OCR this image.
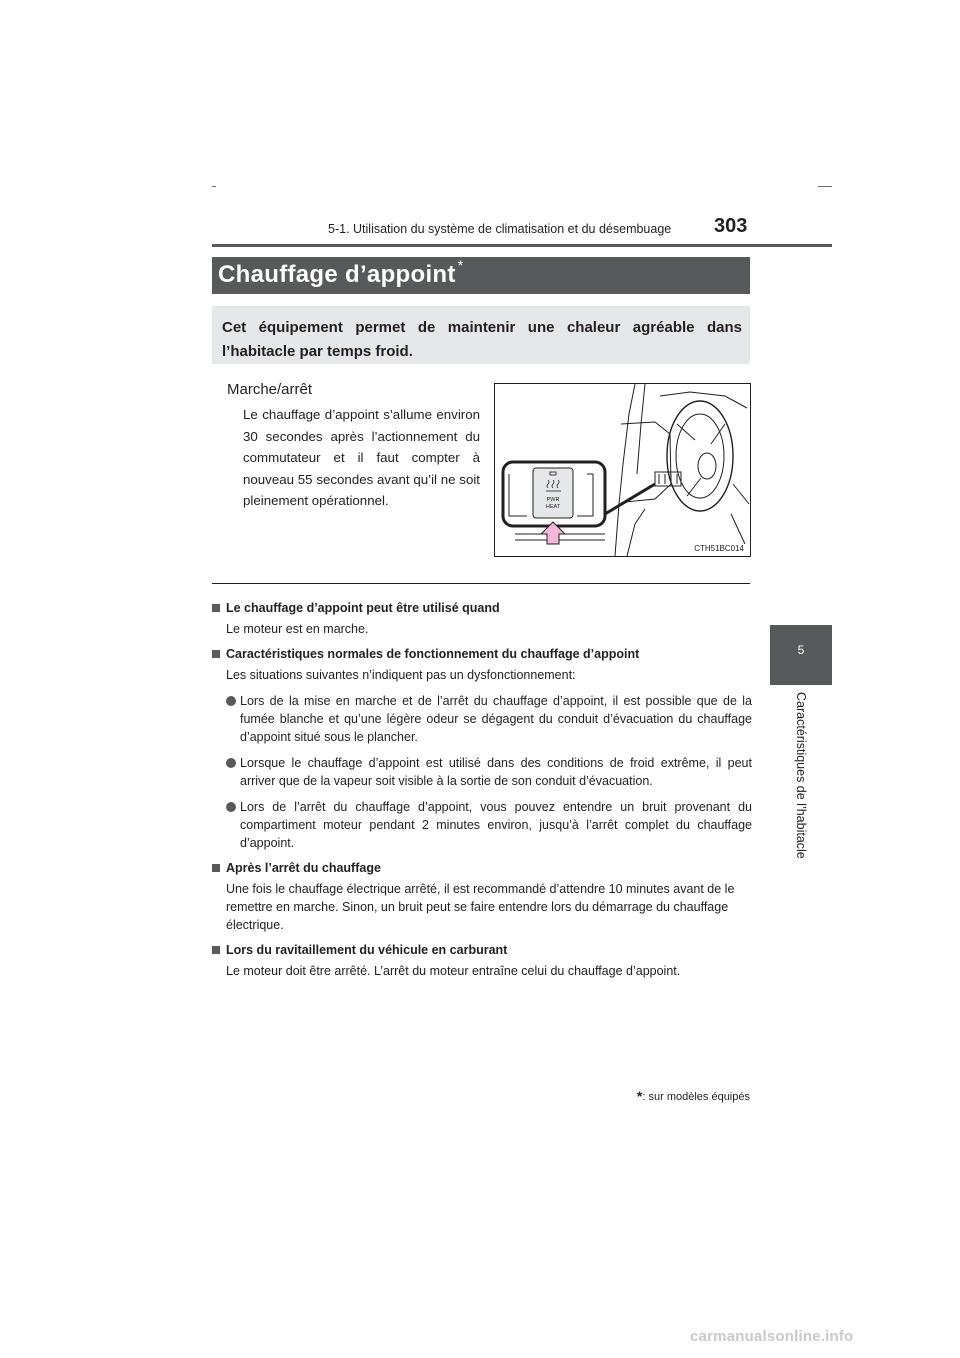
5-1. Utilisation du système de climatisation et du désembuage 303
5
Caractéristiques de l’habitacle
Chauffage d’appoint *

Cet équipement permet de maintenir une chaleur agréable dans l’habitacle par temps froid.

Marche/arrêt
Le chauffage d’appoint s’allume environ 30 secondes après l’actionnement du commutateur et il faut compter à nouveau 55 secondes avant qu’il ne soit pleinement opérationnel.	PWR
HEAT
CTH51BC014
Le chauffage d’appoint peut être utilisé quand
Le moteur est en marche.
Caractéristiques normales de fonctionnement du chauffage d’appoint
Les situations suivantes n’indiquent pas un dysfonctionnement:
Lors de la mise en marche et de l’arrêt du chauffage d’appoint, il est possible que de la fumée blanche et qu’une légère odeur se dégagent du conduit d’évacuation du chauffage d’appoint situé sous le plancher.
Lorsque le chauffage d’appoint est utilisé dans des conditions de froid extrême, il peut arriver que de la vapeur soit visible à la sortie de son conduit d’évacuation.
Lors de l’arrêt du chauffage d’appoint, vous pouvez entendre un bruit provenant du compartiment moteur pendant 2 minutes environ, jusqu’à l’arrêt complet du chauffage d’appoint.
Après l’arrêt du chauffage
Une fois le chauffage électrique arrêté, il est recommandé d’attendre 10 minutes avant de le remettre en marche. Sinon, un bruit peut se faire entendre lors du démarrage du chauffage électrique.
Lors du ravitaillement du véhicule en carburant
Le moteur doit être arrêté. L’arrêt du moteur entraîne celui du chauffage d’appoint.
*: sur modèles équipés
carmanualsonline.info
